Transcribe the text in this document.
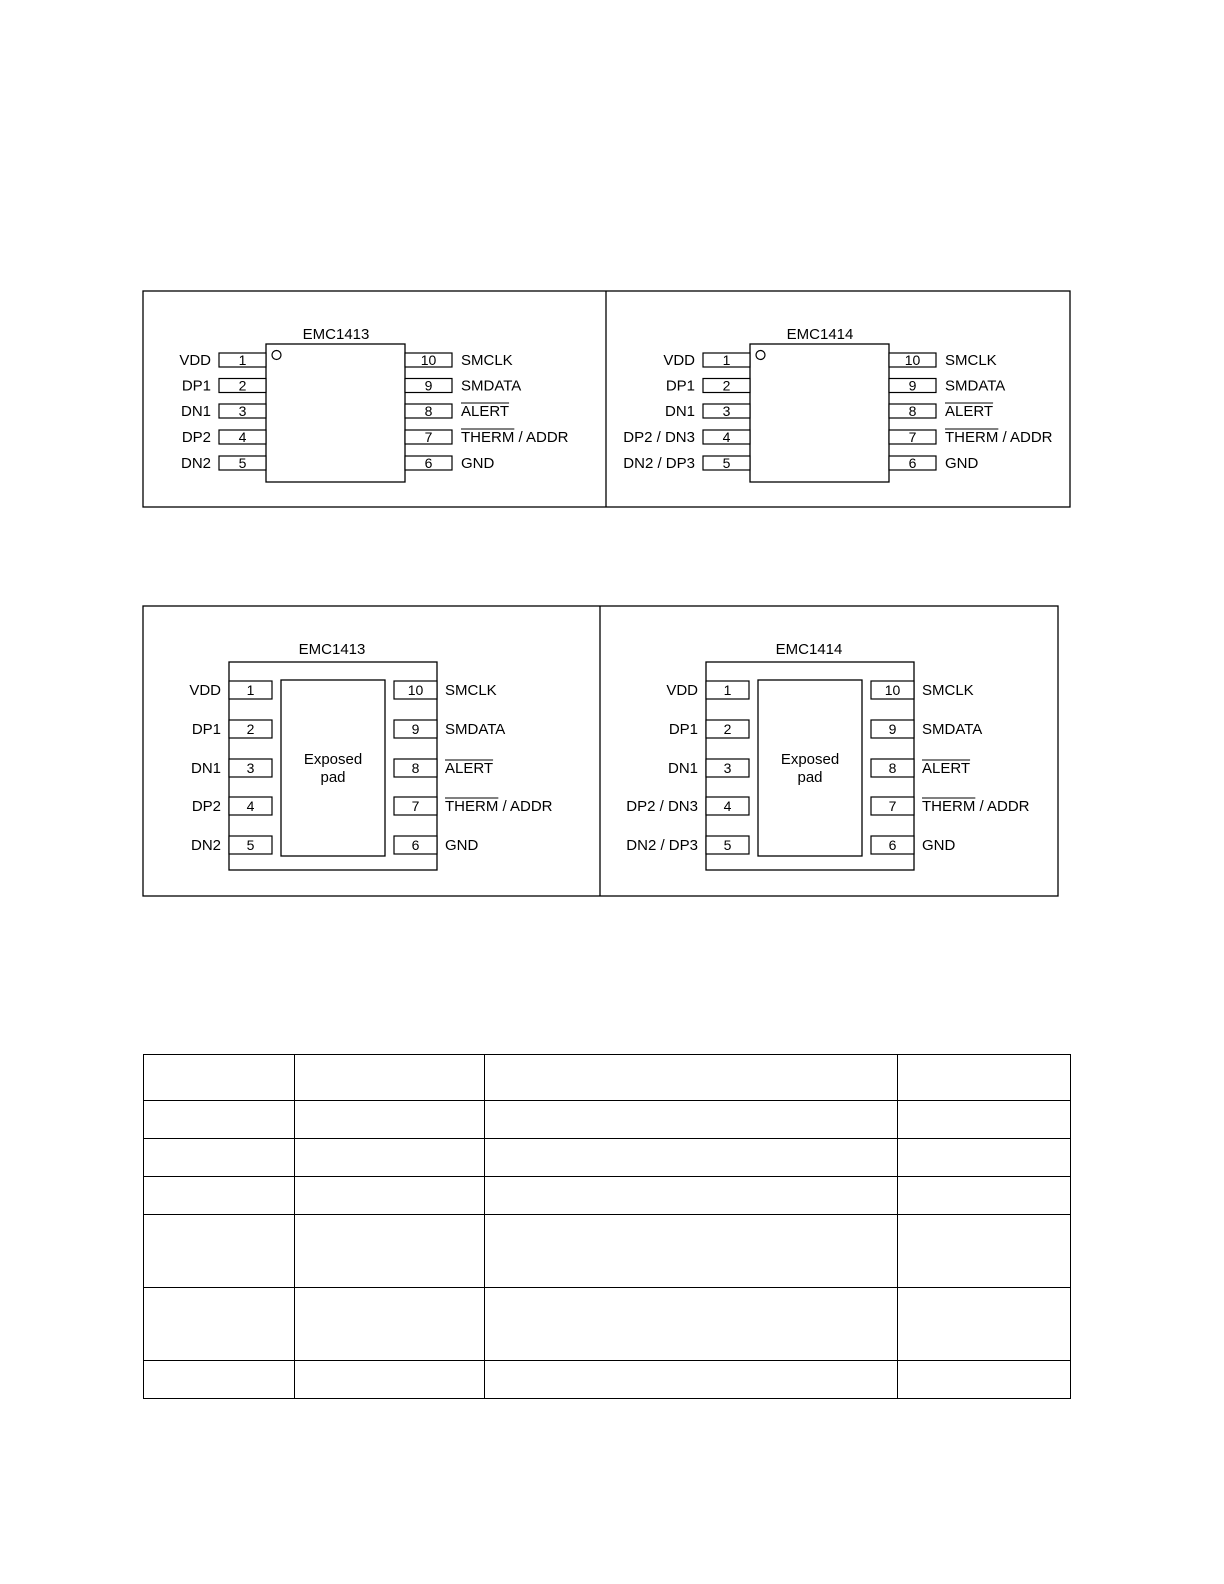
EMC1413
1
VDD
2
DP1
3
DN1
4
DP2
5
DN2
10 SMCLK
9 SMDATA
8 ALERT
7 THERM / ADDR
6 GND
EMC1414
1
VDD
2
DP1
3
DN1
4
DP2 / DN3
5
DN2 / DP3
10 SMCLK
9 SMDATA
8 ALERT
7 THERM / ADDR
6 GND
EMC1413
Exposed
pad
1
VDD
2
DP1
3
DN1
4
DP2
5
DN2
10 SMCLK
9 SMDATA
8 ALERT
7 THERM / ADDR
6 GND
EMC1414
Exposed
pad
1
VDD
2
DP1
3
DN1
4
DP2 / DN3
5
DN2 / DP3
10 SMCLK
9 SMDATA
8 ALERT
7 THERM / ADDR
6 GND
